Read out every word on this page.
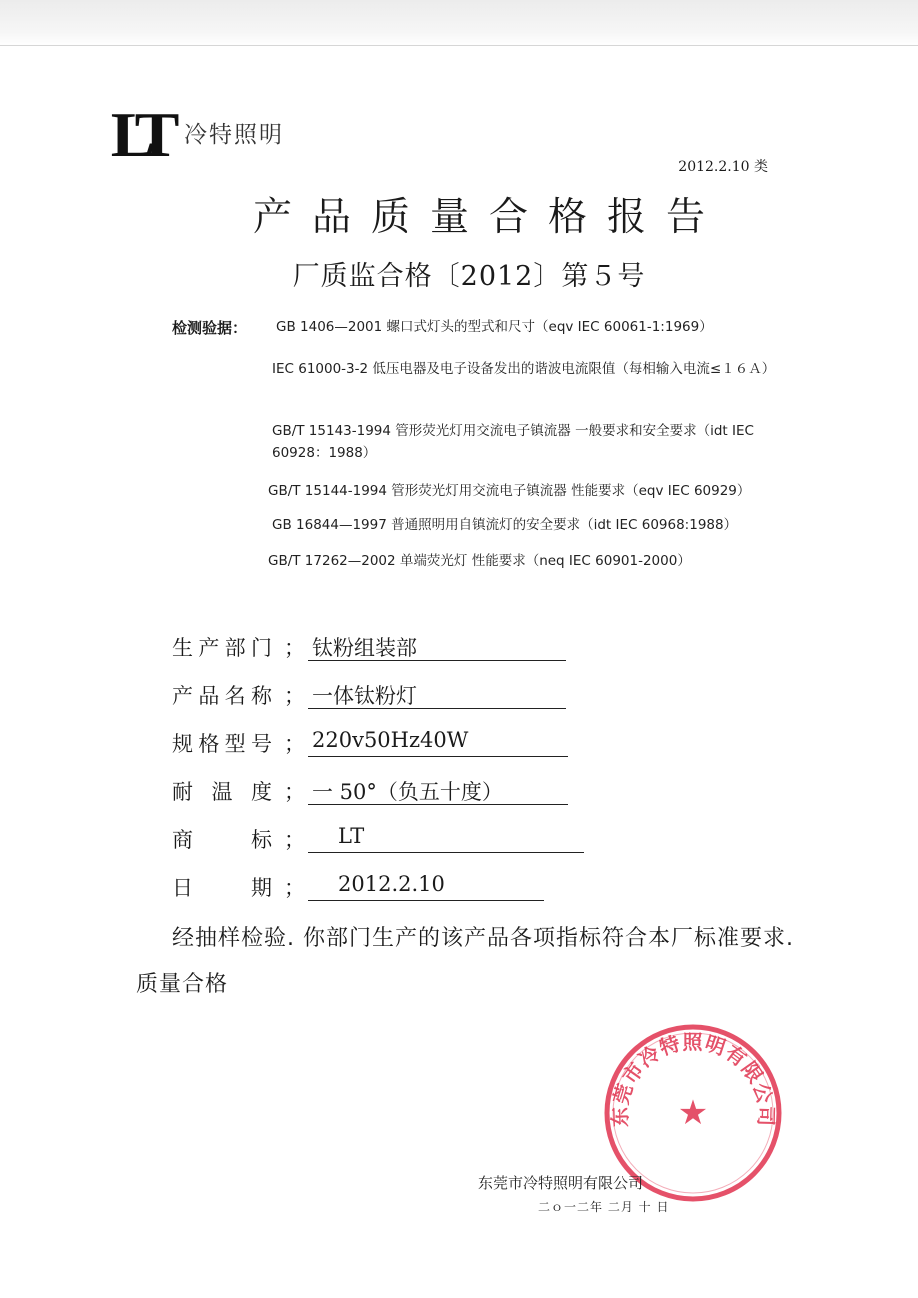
LT 冷特照明
2012.2.10 类
产品质量合格报告
厂质监合格〔2012〕第５号
检测验据： GB 1406—2001 螺口式灯头的型式和尺寸（eqv IEC 60061-1:1969）
IEC 61000-3-2 低压电器及电子设备发出的谐波电流限值（每相输入电流≤１６Ａ）
GB/T 15143-1994 管形荧光灯用交流电子镇流器 一般要求和安全要求（idt IEC 60928：1988）
GB/T 15144-1994 管形荧光灯用交流电子镇流器 性能要求（eqv IEC 60929）
GB 16844—1997 普通照明用自镇流灯的安全要求（idt IEC 60968:1988）
GB/T 17262—2002 单端荧光灯 性能要求（neq IEC 60901-2000）
生 产 部 门 ； 钛粉组装部
产 品 名 称 ； 一体钛粉灯
规 格 型 号 ； 220v50Hz40W
耐 温 度 ； 一 50°（负五十度）
商	标 ；	LT
日	期 ；	2012.2.10
经抽样检验. 你部门生产的该产品各项指标符合本厂标准要求. 质量合格
东莞市冷特照明有限公司
★
东莞市冷特照明有限公司
二ｏ一二年 二月 十 日
